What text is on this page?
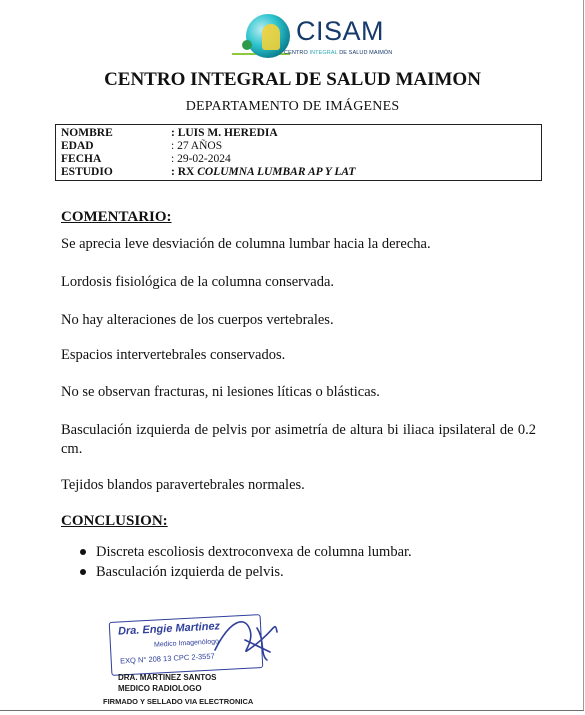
CISAM
CENTRO INTEGRAL DE SALUD MAIMÓN
CENTRO INTEGRAL DE SALUD MAIMON
DEPARTAMENTO DE IMÁGENES
NOMBRE	: LUIS M. HEREDIA
EDAD	: 27 AÑOS
FECHA	: 29-02-2024
ESTUDIO	: RX COLUMNA LUMBAR AP Y LAT
COMENTARIO:
Se aprecia leve desviación de columna lumbar hacia la derecha.
Lordosis fisiológica de la columna conservada.
No hay alteraciones de los cuerpos vertebrales.
Espacios intervertebrales conservados.
No se observan fracturas, ni lesiones líticas o blásticas.
Basculación izquierda de pelvis por asimetría de altura bi iliaca ipsilateral de 0.2 cm.
Tejidos blandos paravertebrales normales.
CONCLUSION:
Discreta escoliosis dextroconvexa de columna lumbar.
Basculación izquierda de pelvis.
Dra. Engie Martinez
Medico Imagenólogo
EXQ N° 208 13 CPC 2-3557
DRA. MARTINEZ SANTOS
MEDICO RADIOLOGO
FIRMADO Y SELLADO VIA ELECTRONICA
